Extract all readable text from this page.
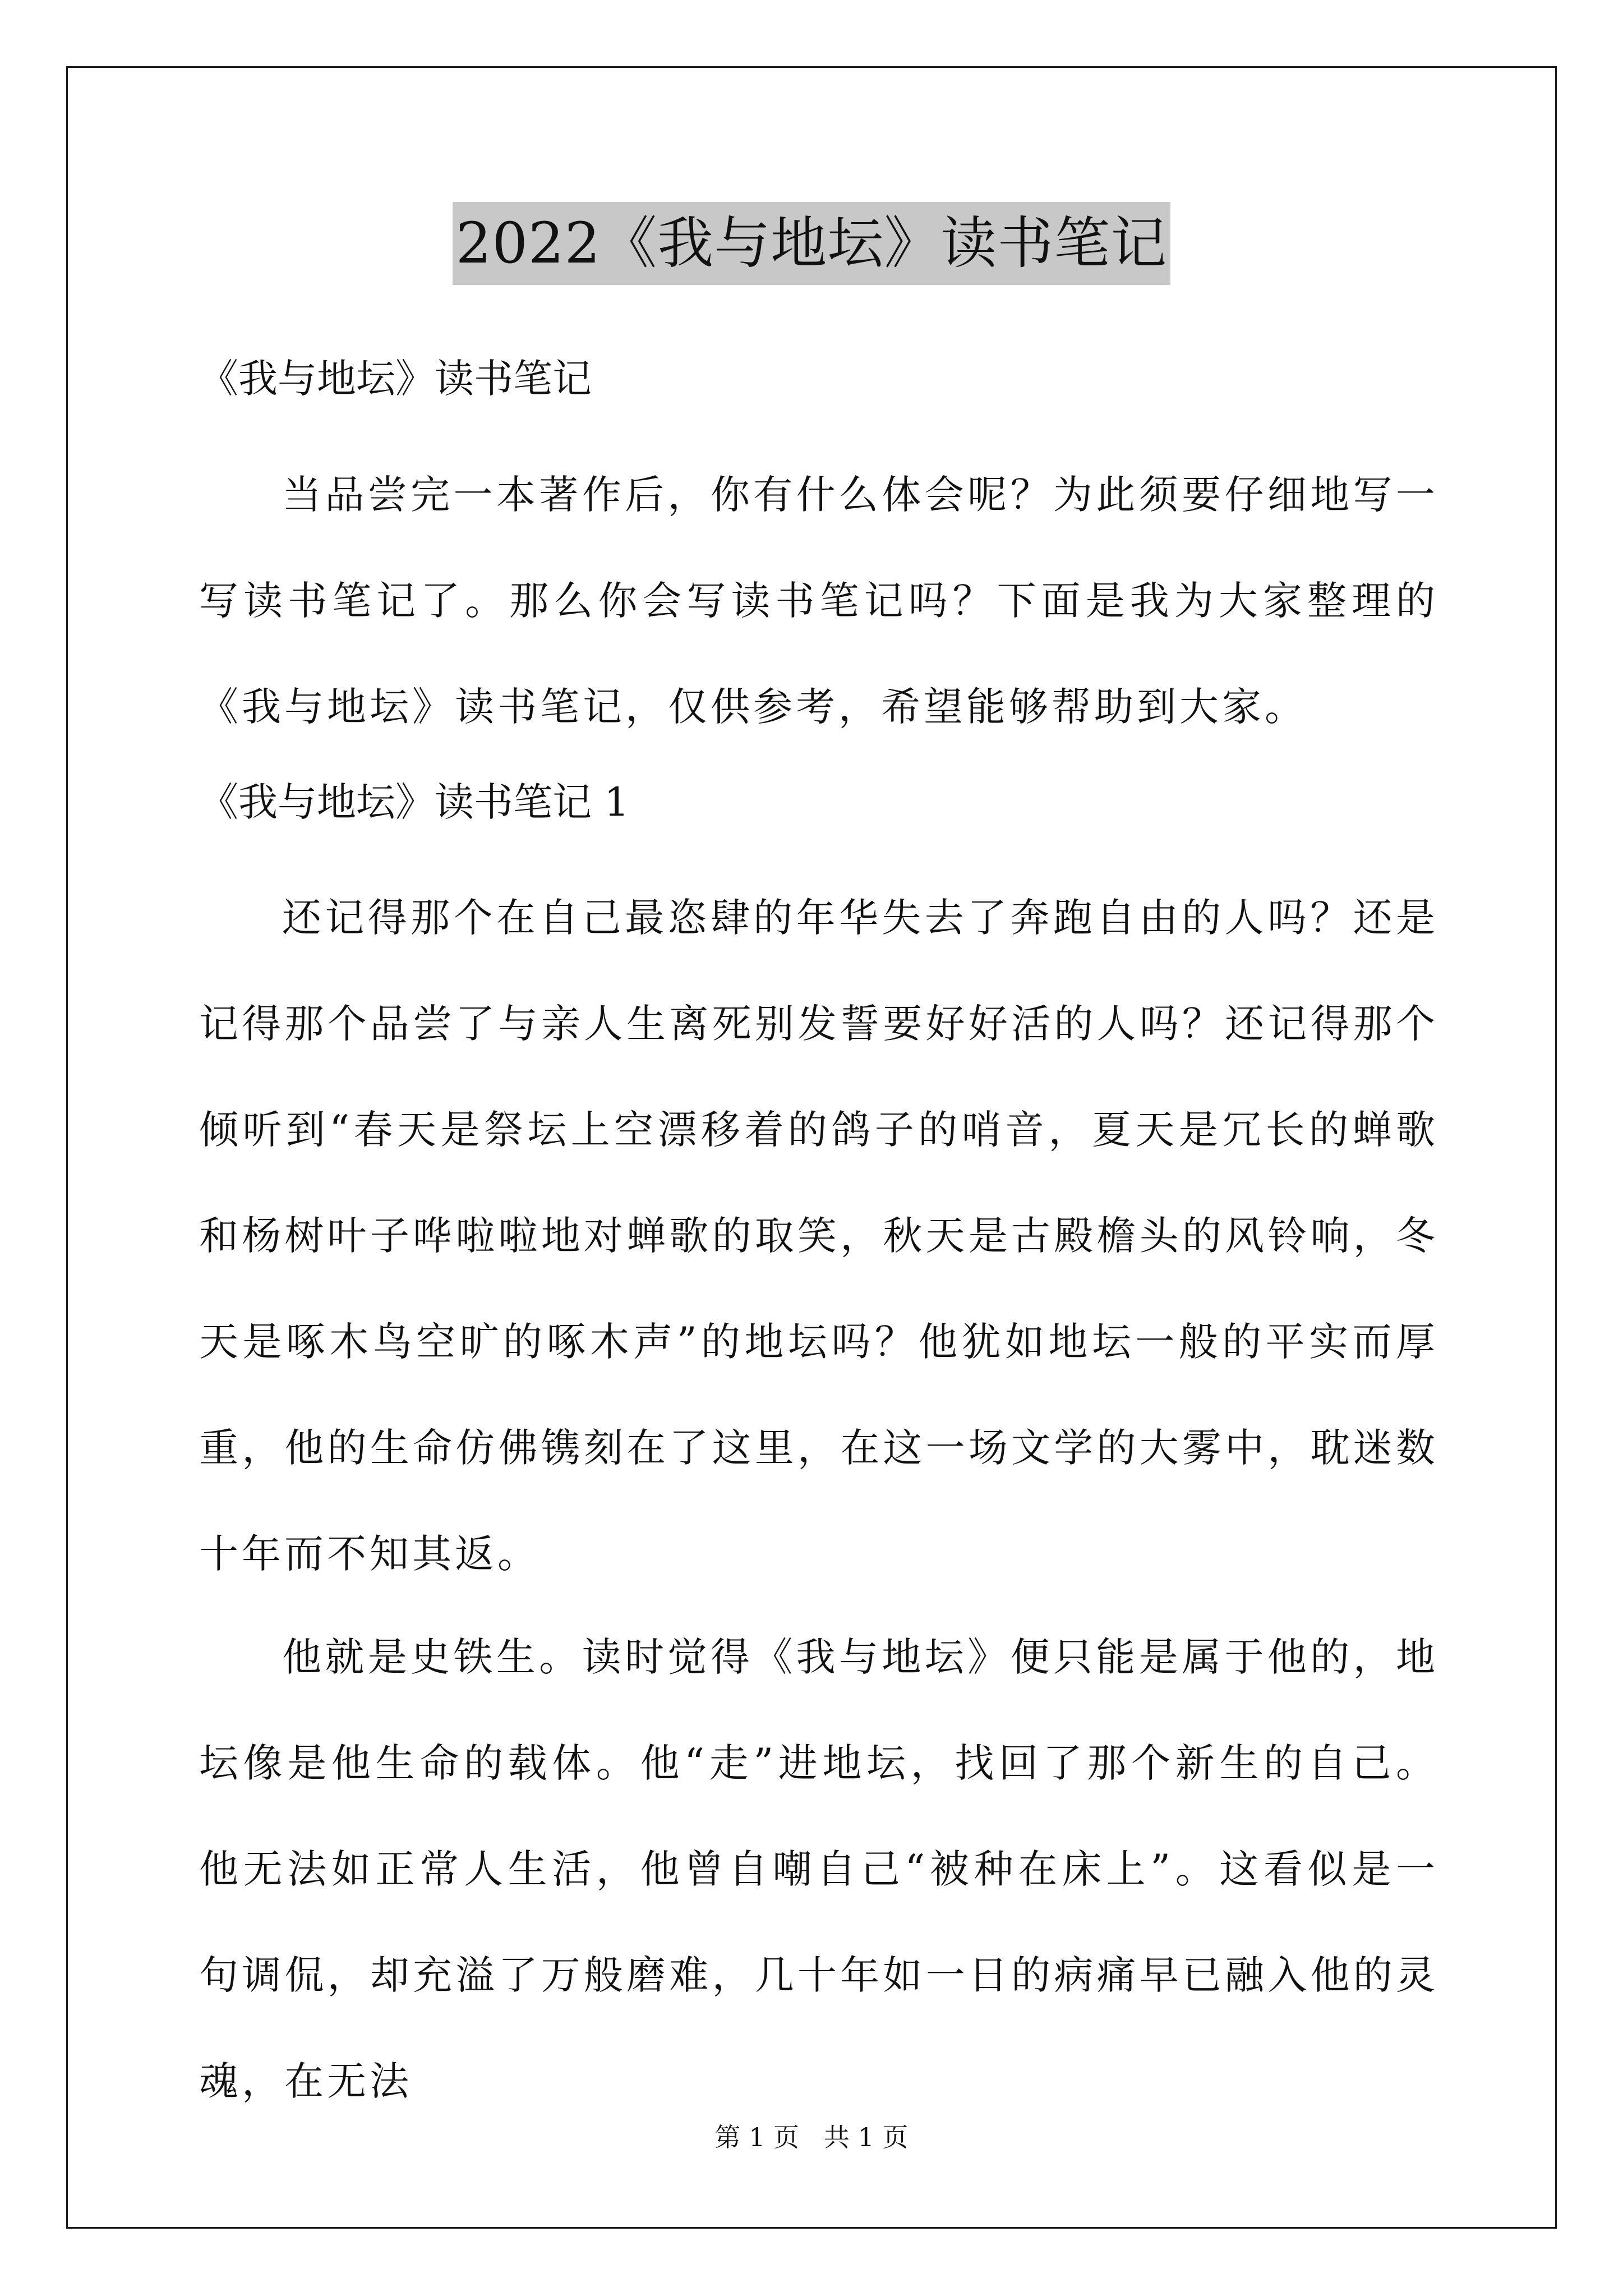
2022《我与地坛》读书笔记
《我与地坛》读书笔记

当品尝完一本著作后，你有什么体会呢？为此须要仔细地写一写读书笔记了。那么你会写读书笔记吗？下面是我为大家整理的《我与地坛》读书笔记，仅供参考，希望能够帮助到大家。

《我与地坛》读书笔记 1

还记得那个在自己最恣肆的年华失去了奔跑自由的人吗？还是记得那个品尝了与亲人生离死别发誓要好好活的人吗？还记得那个倾听到“春天是祭坛上空漂移着的鸽子的哨音，夏天是冗长的蝉歌和杨树叶子哗啦啦地对蝉歌的取笑，秋天是古殿檐头的风铃响，冬天是啄木鸟空旷的啄木声”的地坛吗？他犹如地坛一般的平实而厚重，他的生命仿佛镌刻在了这里，在这一场文学的大雾中，耽迷数十年而不知其返。

他就是史铁生。读时觉得《我与地坛》便只能是属于他的，地坛像是他生命的载体。他“走”进地坛，找回了那个新生的自己。他无法如正常人生活，他曾自嘲自己“被种在床上”。这看似是一句调侃，却充溢了万般磨难，几十年如一日的病痛早已融入他的灵魂，在无法

第 1 页   共 1 页
